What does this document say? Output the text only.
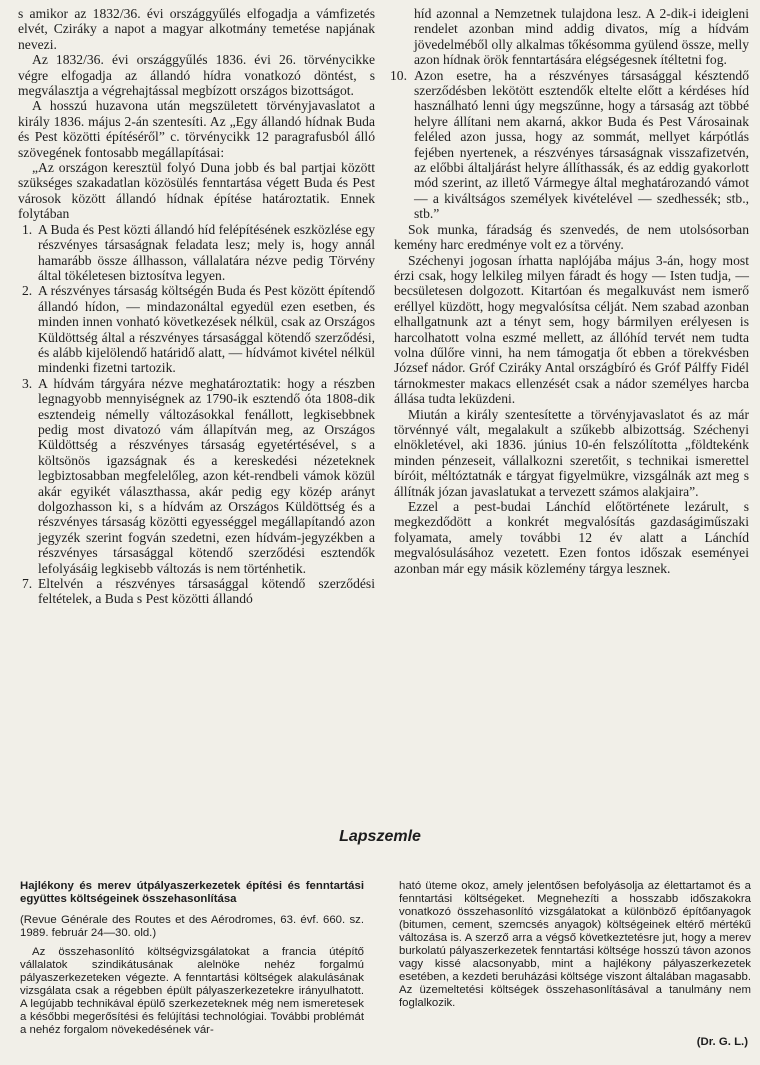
s amikor az 1832/36. évi országgyűlés elfogadja a vámfizetés elvét, Cziráky a napot a magyar alkotmány temetése napjának nevezi.

Az 1832/36. évi országgyűlés 1836. évi 26. törvénycikke végre elfogadja az állandó hídra vonatkozó döntést, s megválasztja a végrehajtással megbízott országos bizottságot.

A hosszú huzavona után megszületett törvényjavaslatot a király 1836. május 2-án szentesíti. Az „Egy állandó hídnak Buda és Pest közötti építéséről” c. törvénycikk 12 paragrafusból álló szövegének fontosabb megállapításai:

„Az országon keresztül folyó Duna jobb és bal partjai között szükséges szakadatlan közösülés fenntartása végett Buda és Pest városok között állandó hídnak építése határoztatik. Ennek folytában

1. A Buda és Pest közti állandó híd felépítésének eszközlése egy részvényes társaságnak feladata lesz; mely is, hogy annál hamarább össze állhasson, vállalatára nézve pedig Törvény által tökéletesen biztosítva legyen.
2. A részvényes társaság költségén Buda és Pest között építendő állandó hídon, — mindazonáltal egyedül ezen esetben, és minden innen vonható következések nélkül, csak az Országos Küldöttség által a részvényes társasággal kötendő szerződési, és alább kijelölendő határidő alatt, — hídvámot kivétel nélkül mindenki fizetni tartozik.
3. A hídvám tárgyára nézve meghatároztatik: hogy a részben legnagyobb mennyiségnek az 1790-ik esztendő óta 1808-dik esztendeig némelly változásokkal fenállott, legkisebbnek pedig most divatozó vám állapítván meg, az Országos Küldöttség a részvényes társaság egyetértésével, s a költsönös igazságnak és a kereskedési nézeteknek legbiztosabban megfelelőleg, azon két-rendbeli vámok közül akár egyikét választhassa, akár pedig egy közép arányt dolgozhasson ki, s a hídvám az Országos Küldöttség és a részvényes társaság közötti egyességgel megállapítandó azon jegyzék szerint fogván szedetni, ezen hídvám-jegyzékben a részvényes társasággal kötendő szerződési esztendők lefolyásáig legkisebb változás is nem történhetik.
7. Eltelvén a részvényes társasággal kötendő szerződési feltételek, a Buda s Pest közötti állandó

híd azonnal a Nemzetnek tulajdona lesz. A 2-dik-i ideigleni rendelet azonban mind addig divatos, míg a hídvám jövedelméből olly alkalmas tőkésomma gyülend össze, melly azon hídnak örök fenntartására elégségesnek ítéltetni fog.

10. Azon esetre, ha a részvényes társasággal késztendő szerződésben lekötött esztendők eltelte előtt a kérdéses híd használható lenni úgy megszűnne, hogy a társaság azt többé helyre állítani nem akarná, akkor Buda és Pest Városainak feléled azon jussa, hogy az sommát, mellyet kárpótlás fejében nyertenek, a részvényes társaságnak visszafizetvén, az előbbi általjárást helyre állíthassák, és az eddig gyakorlott mód szerint, az illető Vármegye által meghatározandó vámot — a kiváltságos személyek kivételével — szedhessék; stb., stb.”

Sok munka, fáradság és szenvedés, de nem utolsósorban kemény harc eredménye volt ez a törvény.

Széchenyi jogosan írhatta naplójába május 3-án, hogy most érzi csak, hogy lelkileg milyen fáradt és hogy — Isten tudja, — becsületesen dolgozott. Kitartóan és megalkuvást nem ismerő eréllyel küzdött, hogy megvalósítsa célját. Nem szabad azonban elhallgatnunk azt a tényt sem, hogy bármilyen erélyesen is harcolhatott volna eszmé mellett, az állóhíd tervét nem tudta volna dűlőre vinni, ha nem támogatja őt ebben a törekvésben József nádor. Gróf Cziráky Antal országbíró és Gróf Pálffy Fidél tárnokmester makacs ellenzését csak a nádor személyes harcba állása tudta leküzdeni.

Miután a király szentesítette a törvényjavaslatot és az már törvénnyé vált, megalakult a szűkebb albizottság. Széchenyi elnökletével, aki 1836. június 10-én felszólította „földtekénk minden pénzeseit, vállalkozni szeretőit, s technikai ismerettel bíróit, méltóztatnák e tárgyat figyelmükre, vizsgálnák azt meg s állítnák józan javaslatukat a tervezett számos alakjaira”.

Ezzel a pest-budai Lánchíd előtörténete lezárult, s megkezdődött a konkrét megvalósítás gazdaságiműszaki folyamata, amely további 12 év alatt a Lánchíd megvalósulásához vezetett. Ezen fontos időszak eseményei azonban már egy másik közlemény tárgya lesznek.

Lapszemle

Hajlékony és merev útpályaszerkezetek építési és fenntartási együttes költségeinek összehasonlítása

(Revue Générale des Routes et des Aérodromes, 63. évf. 660. sz. 1989. február 24—30. old.)

Az összehasonlító költségvizsgálatokat a francia útépítő vállalatok szindikátusának alelnöke nehéz forgalmú pályaszerkezeteken végezte. A fenntartási költségek alakulásának vizsgálata csak a régebben épült pályaszerkezetekre irányulhatott. A legújabb technikával épülő szerkezeteknek még nem ismeretesek a későbbi megerősítési és felújítási technológiai. További problémát a nehéz forgalom növekedésének vár-

ható üteme okoz, amely jelentősen befolyásolja az élettartamot és a fenntartási költségeket. Megnehezíti a hosszabb időszakokra vonatkozó összehasonlító vizsgálatokat a különböző építőanyagok (bitumen, cement, szemcsés anyagok) költségeinek eltérő mértékű változása is. A szerző arra a végső következtetésre jut, hogy a merev burkolatú pályaszerkezetek fenntartási költsége hosszú távon azonos vagy kissé alacsonyabb, mint a hajlékony pályaszerkezetek esetében, a kezdeti beruházási költsége viszont általában magasabb. Az üzemeltetési költségek összehasonlításával a tanulmány nem foglalkozik.

(Dr. G. L.)
